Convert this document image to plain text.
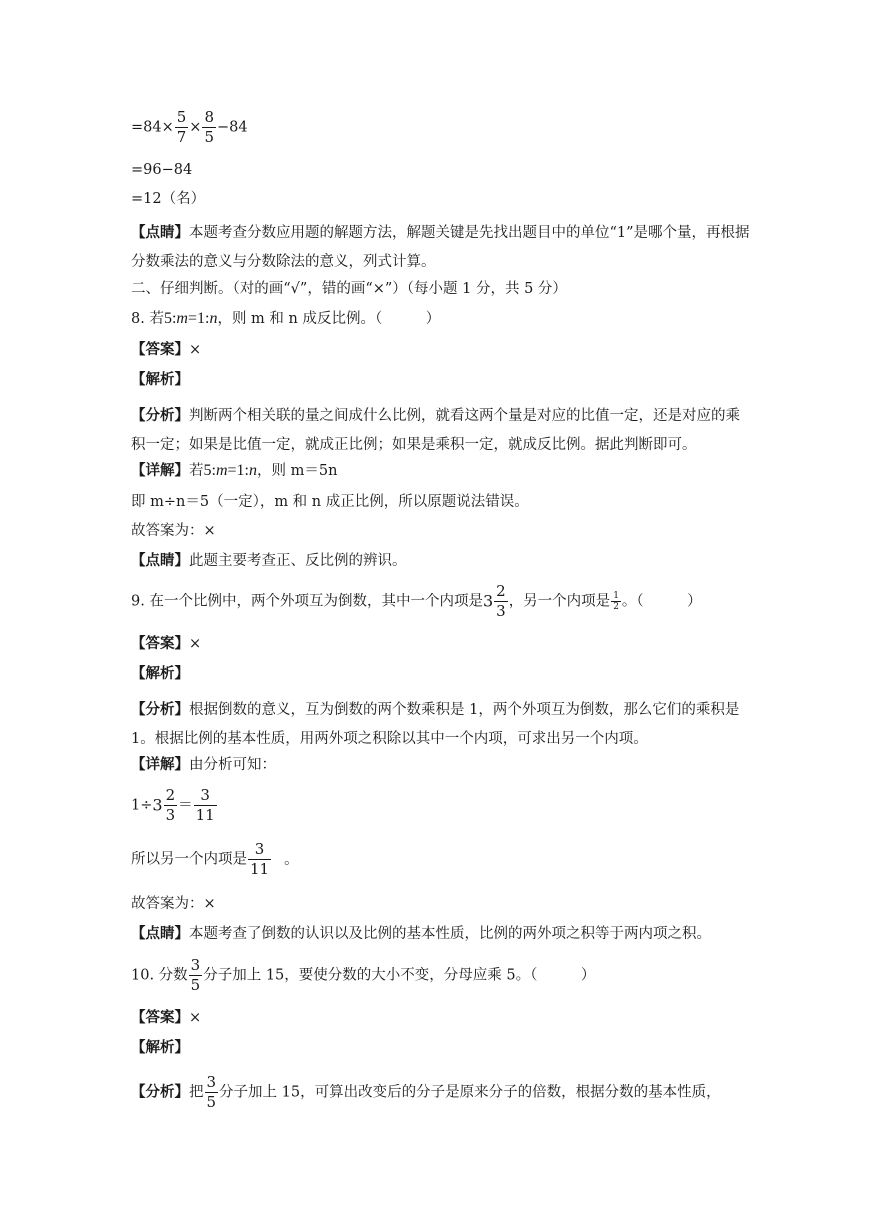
$=84\times \frac{5}{7} \times \frac{8}{5} -84$
=96−84
=12（名）
【点睛】本题考查分数应用题的解题方法，解题关键是先找出题目中的单位“1”是哪个量，再根据分数乘法的意义与分数除法的意义，列式计算。
二、仔细判断。（对的画“√”，错的画“×”）（每小题 1 分，共 5 分）
8. 若5:m=1:n，则 m 和 n 成反比例。（　　　）
【答案】×
【解析】
【分析】判断两个相关联的量之间成什么比例，就看这两个量是对应的比值一定，还是对应的乘积一定；如果是比值一定，就成正比例；如果是乘积一定，就成反比例。据此判断即可。
【详解】若5:m=1:n，则 m＝5n
即 m÷n＝5（一定），m 和 n 成正比例，所以原题说法错误。
故答案为：×
【点睛】此题主要考查正、反比例的辨识。
9. 在一个比例中，两个外项互为倒数，其中一个内项是$3 \frac{2}{3}$ ，另一个内项是 $\frac{1}{2}$ 。（　　　）
【答案】×
【解析】
【分析】根据倒数的意义，互为倒数的两个数乘积是 1，两个外项互为倒数，那么它们的乘积是 1。根据比例的基本性质，用两外项之积除以其中一个内项，可求出另一个内项。
【详解】由分析可知：
$1\div 3 \frac{2}{3} = \frac{3}{11}$
所以另一个内项是 $\frac{3}{11}$ 。
故答案为：×
【点睛】本题考查了倒数的认识以及比例的基本性质，比例的两外项之积等于两内项之积。
10. 分数 $\frac{3}{5}$ 分子加上 15，要使分数的大小不变，分母应乘 5。（　　　）
【答案】×
【解析】
【分析】把 $\frac{3}{5}$ 分子加上 15，可算出改变后的分子是原来分子的倍数，根据分数的基本性质，
